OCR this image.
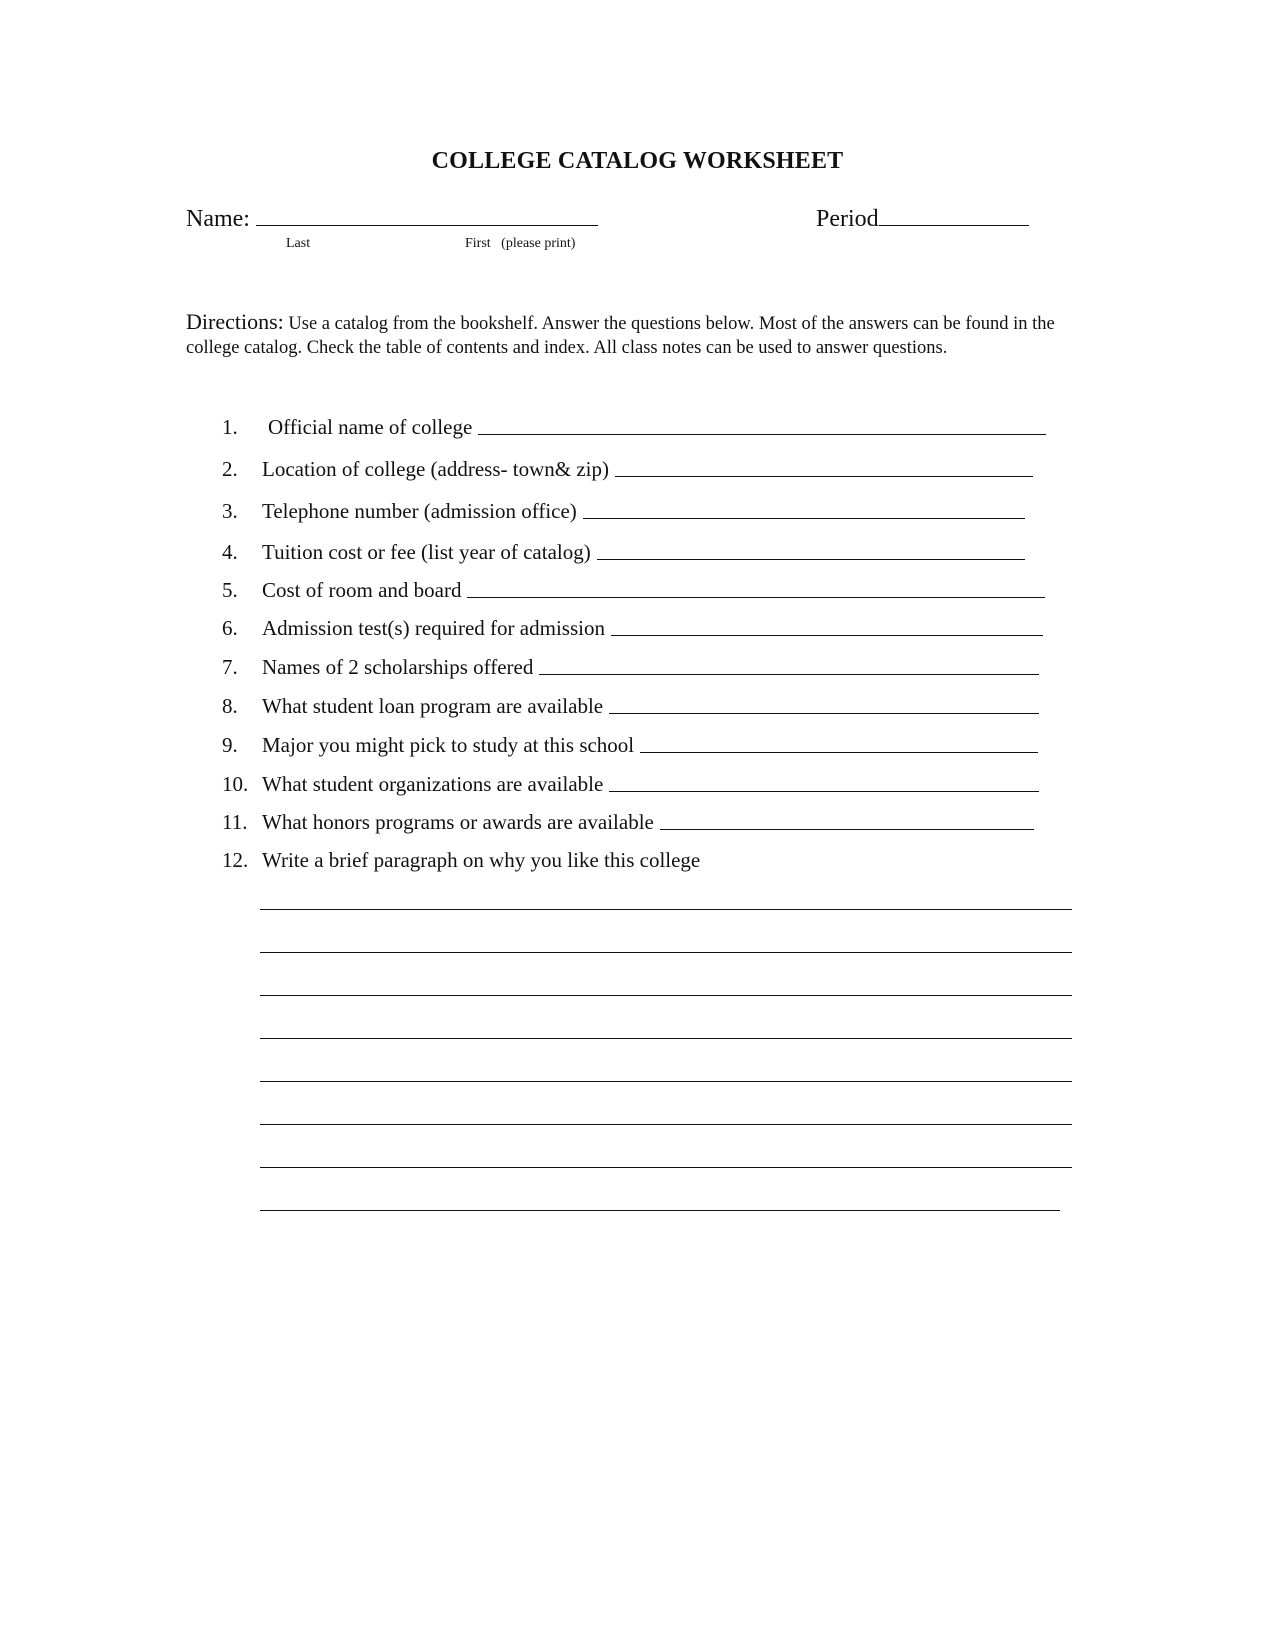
COLLEGE CATALOG WORKSHEET
Name:	Period
Last	First   (please print)
Directions: Use a catalog from the bookshelf. Answer the questions below. Most of the answers can be found in the college catalog. Check the table of contents and index. All class notes can be used to answer questions.
1.	Official name of college
2.	Location of college (address- town& zip)
3.	Telephone number (admission office)
4.	Tuition cost or fee (list year of catalog)
5.	Cost of room and board
6.	Admission test(s) required for admission
7.	Names of 2 scholarships offered
8.	What student loan program are available
9.	Major you might pick to study at this school
10. What student organizations are available
11. What honors programs or awards are available
12. Write a brief paragraph on why you like this college
